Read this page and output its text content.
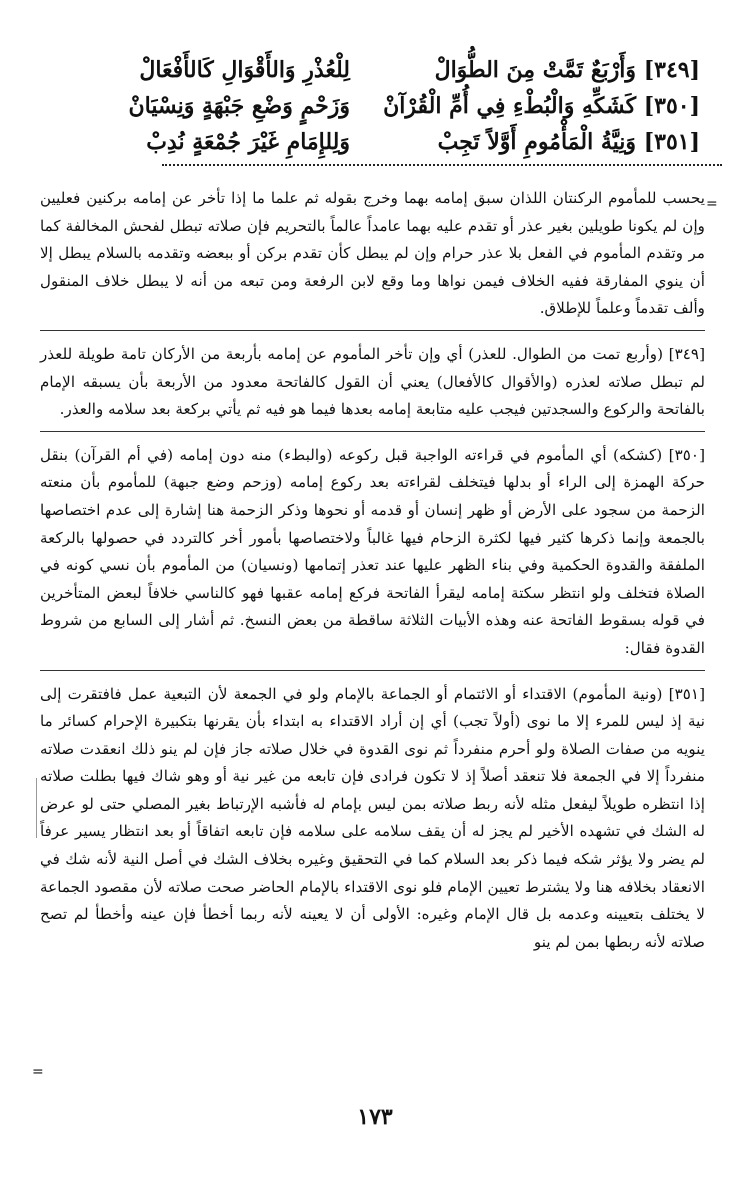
[٣٤٩] وَأَرْبَعٌ تَمَّتْ مِنَ الطُّوَالْ
لِلْعُذْرِ وَالأَقْوَالِ كَالأَفْعَالْ
[٣٥٠] كَشَكِّهِ وَالْبُطْءِ فِي أُمِّ الْقُرْآنْ
وَزَحْمٍ وَضْعِ جَبْهَةٍ وَنِسْيَانْ
[٣٥١] وَنِيَّةُ الْمَأْمُومِ أَوَّلاً تَجِبْ
وَلِلإِمَامِ غَيْرَ جُمْعَةٍ نُدِبْ
=

يحسب للمأموم الركنتان اللذان سبق إمامه بهما وخرج بقوله ثم علما ما إذا تأخر عن إمامه بركنين فعليين وإن لم يكونا طويلين بغير عذر أو تقدم عليه بهما عامداً عالماً بالتحريم فإن صلاته تبطل لفحش المخالفة كما مر وتقدم المأموم في الفعل بلا عذر حرام وإن لم يبطل كأن تقدم بركن أو ببعضه وتقدمه بالسلام يبطل إلا أن ينوي المفارقة ففيه الخلاف فيمن نواها وما وقع لابن الرفعة ومن تبعه من أنه لا يبطل خلاف المنقول وألف تقدماً وعلماً للإطلاق.

[٣٤٩] (وأربع تمت من الطوال. للعذر) أي وإن تأخر المأموم عن إمامه بأربعة من الأركان تامة طويلة للعذر لم تبطل صلاته لعذره (والأقوال كالأفعال) يعني أن القول كالفاتحة معدود من الأربعة بأن يسبقه الإمام بالفاتحة والركوع والسجدتين فيجب عليه متابعة إمامه بعدها فيما هو فيه ثم يأتي بركعة بعد سلامه والعذر.

[٣٥٠] (كشكه) أي المأموم في قراءته الواجبة قبل ركوعه (والبطء) منه دون إمامه (في أم القرآن) بنقل حركة الهمزة إلى الراء أو بدلها فيتخلف لقراءته بعد ركوع إمامه (وزحم وضع جبهة) للمأموم بأن منعته الزحمة من سجود على الأرض أو ظهر إنسان أو قدمه أو نحوها وذكر الزحمة هنا إشارة إلى عدم اختصاصها بالجمعة وإنما ذكرها كثير فيها لكثرة الزحام فيها غالباً ولاختصاصها بأمور أخر كالتردد في حصولها بالركعة الملفقة والقدوة الحكمية وفي بناء الظهر عليها عند تعذر إتمامها (ونسيان) من المأموم بأن نسي كونه في الصلاة فتخلف ولو انتظر سكتة إمامه ليقرأ الفاتحة فركع إمامه عقبها فهو كالناسي خلافاً لبعض المتأخرين في قوله بسقوط الفاتحة عنه وهذه الأبيات الثلاثة ساقطة من بعض النسخ. ثم أشار إلى السابع من شروط القدوة فقال:

[٣٥١] (ونية المأموم) الاقتداء أو الائتمام أو الجماعة بالإمام ولو في الجمعة لأن التبعية عمل فافتقرت إلى نية إذ ليس للمرء إلا ما نوى (أولاً تجب) أي إن أراد الاقتداء به ابتداء بأن يقرنها بتكبيرة الإحرام كسائر ما ينويه من صفات الصلاة ولو أحرم منفرداً ثم نوى القدوة في خلال صلاته جاز فإن لم ينو ذلك انعقدت صلاته منفرداً إلا في الجمعة فلا تنعقد أصلاً إذ لا تكون فرادى فإن تابعه من غير نية أو وهو شاك فيها بطلت صلاته إذا انتظره طويلاً ليفعل مثله لأنه ربط صلاته بمن ليس بإمام له فأشبه الإرتباط بغير المصلي حتى لو عرض له الشك في تشهده الأخير لم يجز له أن يقف سلامه على سلامه فإن تابعه اتفاقاً أو بعد انتظار يسير عرفاً لم يضر ولا يؤثر شكه فيما ذكر بعد السلام كما في التحقيق وغيره بخلاف الشك في أصل النية لأنه شك في الانعقاد بخلافه هنا ولا يشترط تعيين الإمام فلو نوى الاقتداء بالإمام الحاضر صحت صلاته لأن مقصود الجماعة لا يختلف بتعيينه وعدمه بل قال الإمام وغيره: الأولى أن لا يعينه لأنه ربما أخطأ فإن عينه وأخطأ لم تصح صلاته لأنه ربطها بمن لم ينو

=
١٧٣
